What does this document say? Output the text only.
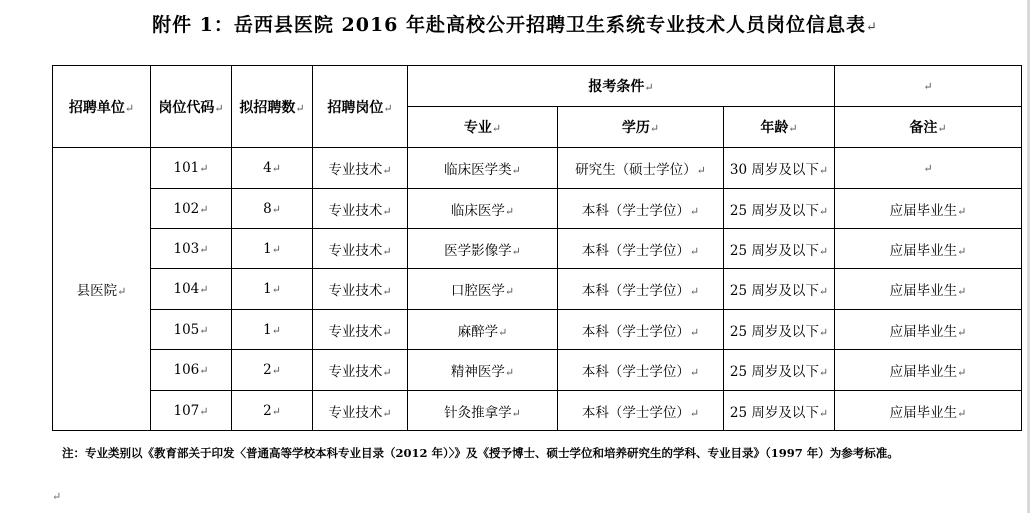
附件 1：岳西县医院 2016 年赴高校公开招聘卫生系统专业技术人员岗位信息表↵
招聘单位↵	岗位代码↵	拟招聘数↵	招聘岗位↵	报考条件↵			↵
				专业↵	学历↵	年龄↵	备注↵
县医院↵	101↵	4↵	专业技术↵	临床医学类↵	研究生（硕士学位）↵	30 周岁及以下↵	↵
	102↵	8↵	专业技术↵	临床医学↵	本科（学士学位）↵	25 周岁及以下↵	应届毕业生↵
	103↵	1↵	专业技术↵	医学影像学↵	本科（学士学位）↵	25 周岁及以下↵	应届毕业生↵
	104↵	1↵	专业技术↵	口腔医学↵	本科（学士学位）↵	25 周岁及以下↵	应届毕业生↵
	105↵	1↵	专业技术↵	麻醉学↵	本科（学士学位）↵	25 周岁及以下↵	应届毕业生↵
	106↵	2↵	专业技术↵	精神医学↵	本科（学士学位）↵	25 周岁及以下↵	应届毕业生↵
	107↵	2↵	专业技术↵	针灸推拿学↵	本科（学士学位）↵	25 周岁及以下↵	应届毕业生↵
注：专业类别以《教育部关于印发〈普通高等学校本科专业目录（2012 年）〉》及《授予博士、硕士学位和培养研究生的学科、专业目录》（1997 年）为参考标准。
↵
